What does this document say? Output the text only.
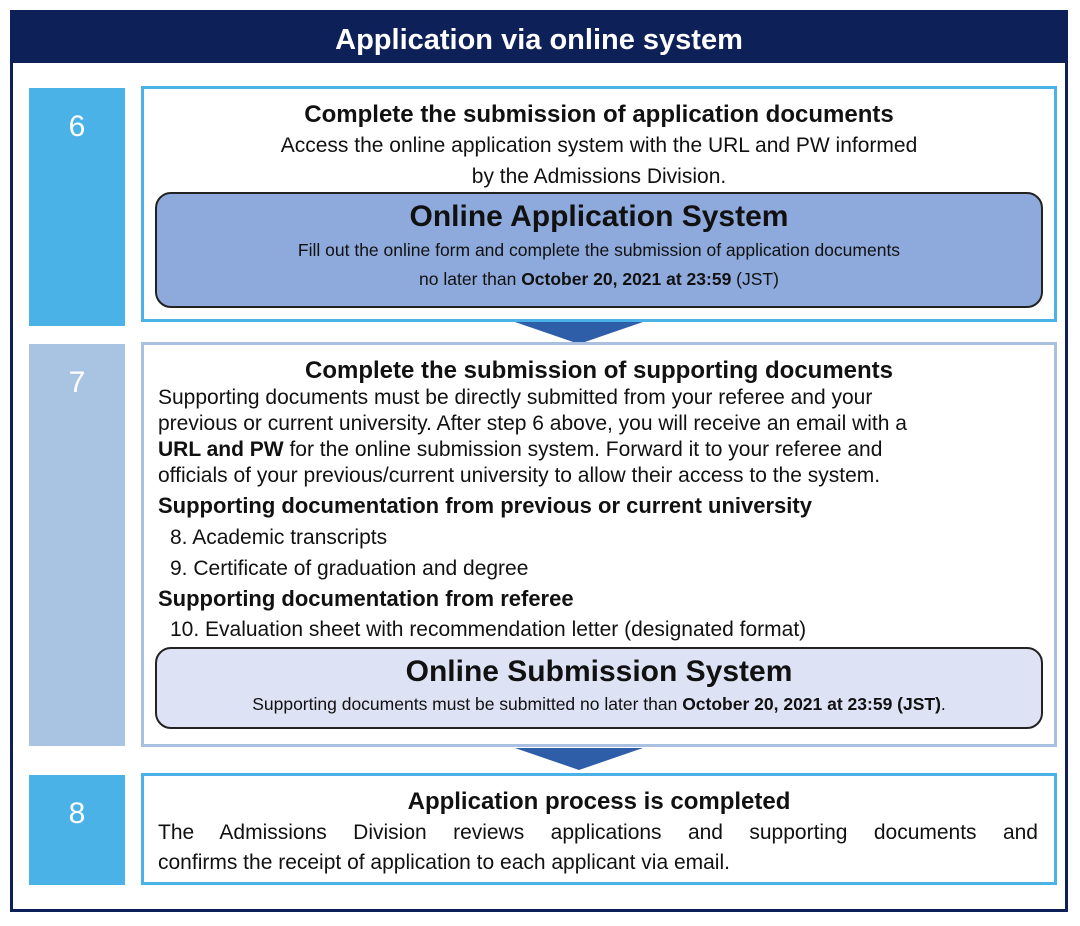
Application via online system
6	Complete the submission of application documents
Access the online application system with the URL and PW informed
by the Admissions Division.
Online Application System
Fill out the online form and complete the submission of application documents
no later than October 20, 2021 at 23:59 (JST)
7	Complete the submission of supporting documents
Supporting documents must be directly submitted from your referee and your
previous or current university. After step 6 above, you will receive an email with a
URL and PW for the online submission system. Forward it to your referee and
officials of your previous/current university to allow their access to the system.
Supporting documentation from previous or current university
8. Academic transcripts
9. Certificate of graduation and degree
Supporting documentation from referee
10. Evaluation sheet with recommendation letter (designated format)
Online Submission System
Supporting documents must be submitted no later than October 20, 2021 at 23:59 (JST).
8	Application process is completed
The Admissions Division reviews applications and supporting documents and
confirms the receipt of application to each applicant via email.
